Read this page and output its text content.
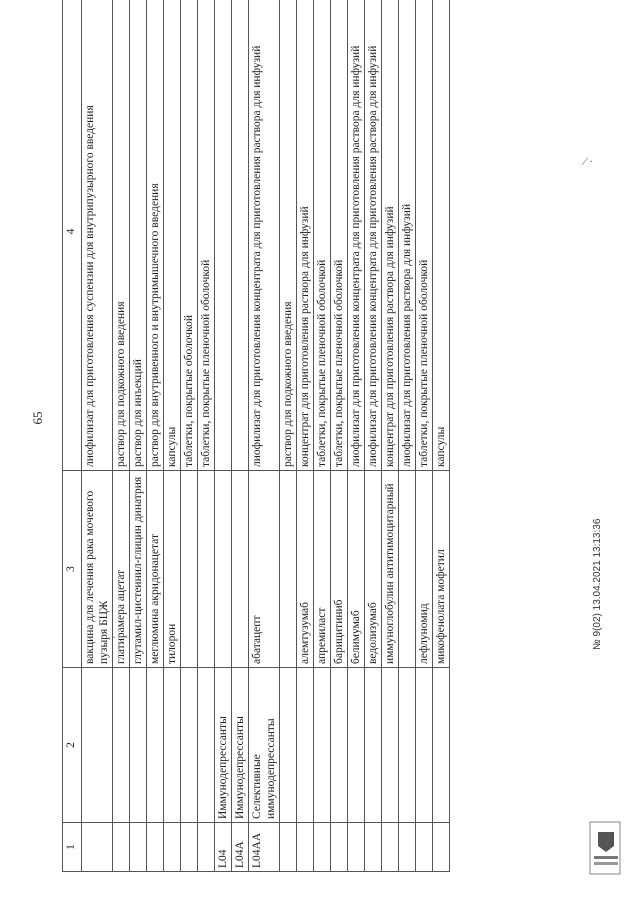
65
1	2	3	4
		вакцина для лечения рака мочевого пузыря БЦЖ	лиофилизат для приготовления суспензии для внутрипузырного введения
		глатирамера ацетат	раствор для подкожного введения
		глутамил-цистеинил-глицин динатрия	раствор для инъекций
		меглюмина акридонацетат	раствор для внутривенного и внутримышечного введения
		тилорон	капсулы
			таблетки, покрытые оболочкой
			таблетки, покрытые пленочной оболочкой
L04	Иммунодепрессанты		
L04A	Иммунодепрессанты		
L04AA	Селективные иммунодепрессанты	абатацепт	лиофилизат для приготовления концентрата для приготовления раствора для инфузий
			раствор для подкожного введения
		алемтузумаб	концентрат для приготовления раствора для инфузий
		апремиласт	таблетки, покрытые пленочной оболочкой
		барицитиниб	таблетки, покрытые пленочной оболочкой
		белимумаб	лиофилизат для приготовления концентрата для приготовления раствора для инфузий
		ведолизумаб	лиофилизат для приготовления концентрата для приготовления раствора для инфузий
		иммуноглобулин антитимоцитарный	концентрат для приготовления раствора для инфузий
			лиофилизат для приготовления раствора для инфузий
		лефлуномид	таблетки, покрытые пленочной оболочкой
		микофенолата мофетил	капсулы
№ 9(02) 13.04.2021 13:13:36
⁄ ·
·
